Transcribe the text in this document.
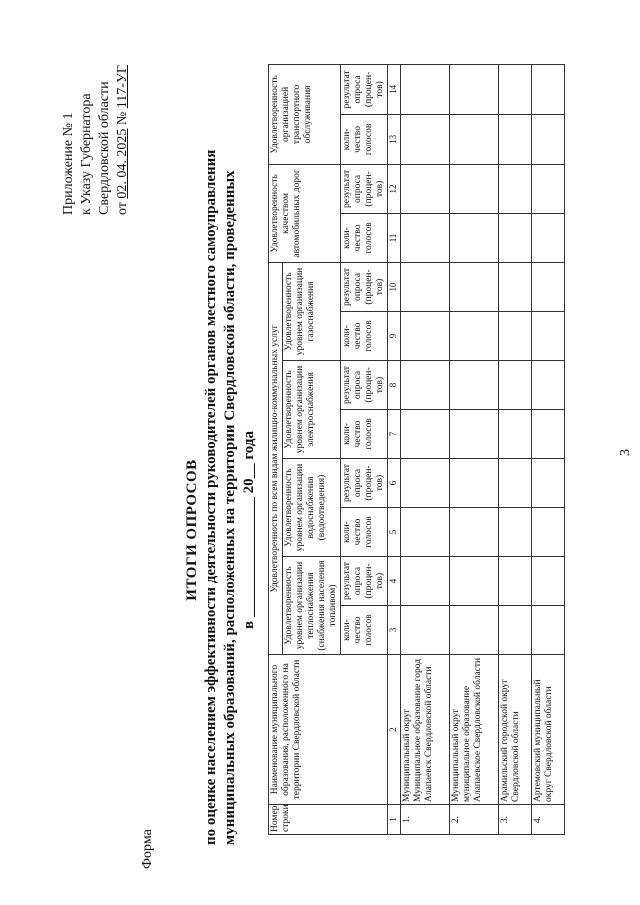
3
Форма
Приложение № 1 к Указу Губернатора Свердловской области от 02. 04. 2025 № 117-УГ
ИТОГИ ОПРОСОВ по оценке населением эффективности деятельности руководителей органов местного самоуправления муниципальных образований, расположенных на территории Свердловской области, проведенных в ________________ 20__ года
Номер строки	Наименование муниципального образования, расположенного на территории Свердловской области	Удовлетворенность по всем видам жилищно-коммунальных услуг								Удовлетворенность качеством автомобильных дорог		Удовлетворенность организацией транспортного обслуживания	
		Удовлетворенность уровнем организации теплоснабжения (снабжения населения топливом)		Удовлетворенность уровнем организации водоснабжения (водоотведения)		Удовлетворенность уровнем организации электроснабжения		Удовлетворенность уровнем организации газоснабжения					
		коли-чество голосов	результат опроса (процен-тов)	коли-чество голосов	результат опроса (процен-тов)	коли-чество голосов	результат опроса (процен-тов)	коли-чество голосов	результат опроса (процен-тов)	коли-чество голосов	результат опроса (процен-тов)	коли-чество голосов	результат опроса (процен-тов)
1	2	3	4	5	6	7	8	9	10	11	12	13	14
1.	Муниципальный округ Муниципальное образование город Алапаевск Свердловской области												
2.	Муниципальный округ муниципальное образование Алапаевское Свердловской области												
3.	Арамильский городской округ Свердловской области												
4.	Артемовский муниципальный округ Свердловской области												
